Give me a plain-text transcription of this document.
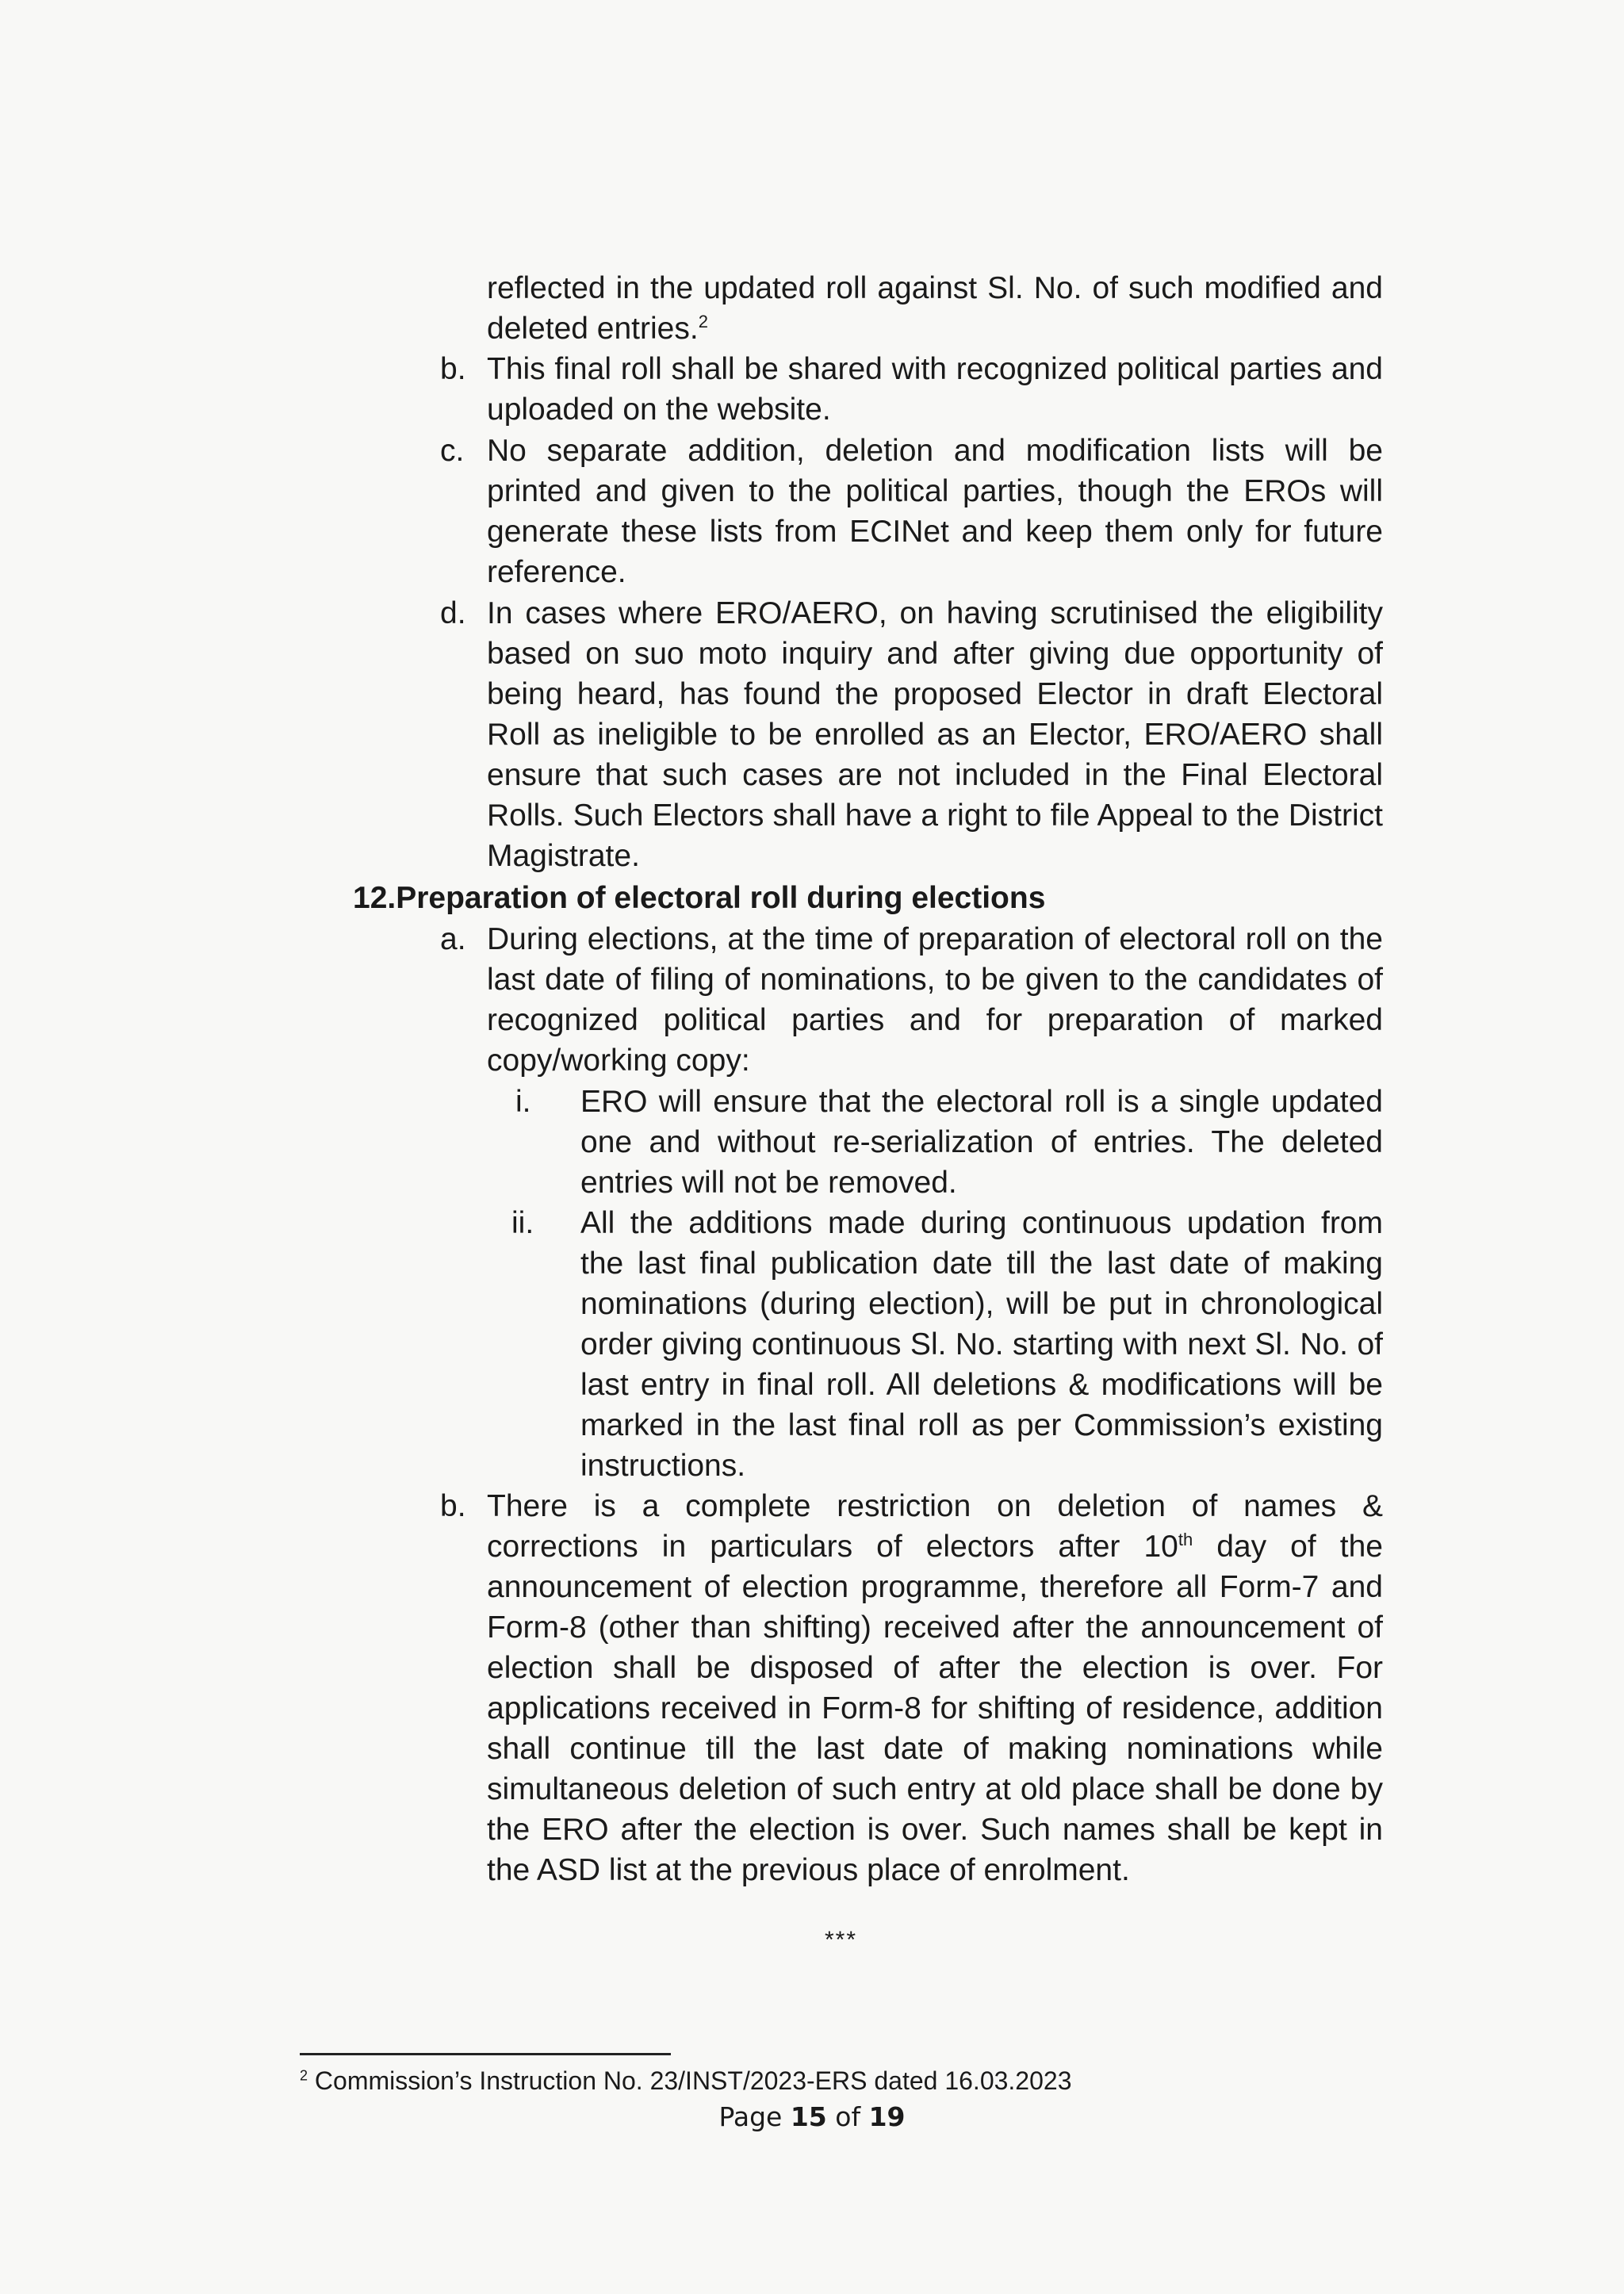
reflected in the updated roll against Sl. No. of such modified and deleted entries.$^2$
b. This final roll shall be shared with recognized political parties and uploaded on the website.
c. No separate addition, deletion and modification lists will be printed and given to the political parties, though the EROs will generate these lists from ECINet and keep them only for future reference.
d. In cases where ERO/AERO, on having scrutinised the eligibility based on suo moto inquiry and after giving due opportunity of being heard, has found the proposed Elector in draft Electoral Roll as ineligible to be enrolled as an Elector, ERO/AERO shall ensure that such cases are not included in the Final Electoral Rolls. Such Electors shall have a right to file Appeal to the District Magistrate.
12.Preparation of electoral roll during elections
a. During elections, at the time of preparation of electoral roll on the last date of filing of nominations, to be given to the candidates of recognized political parties and for preparation of marked copy/working copy:
i. ERO will ensure that the electoral roll is a single updated one and without re-serialization of entries. The deleted entries will not be removed.
ii. All the additions made during continuous updation from the last final publication date till the last date of making nominations (during election), will be put in chronological order giving continuous Sl. No. starting with next Sl. No. of last entry in final roll. All deletions & modifications will be marked in the last final roll as per Commission’s existing instructions.
b. There is a complete restriction on deletion of names & corrections in particulars of electors after 10th day of the announcement of election programme, therefore all Form-7 and Form-8 (other than shifting) received after the announcement of election shall be disposed of after the election is over. For applications received in Form-8 for shifting of residence, addition shall continue till the last date of making nominations while simultaneous deletion of such entry at old place shall be done by the ERO after the election is over. Such names shall be kept in the ASD list at the previous place of enrolment.
***
$^2$ Commission’s Instruction No. 23/INST/2023-ERS dated 16.03.2023
Page 15 of 19
